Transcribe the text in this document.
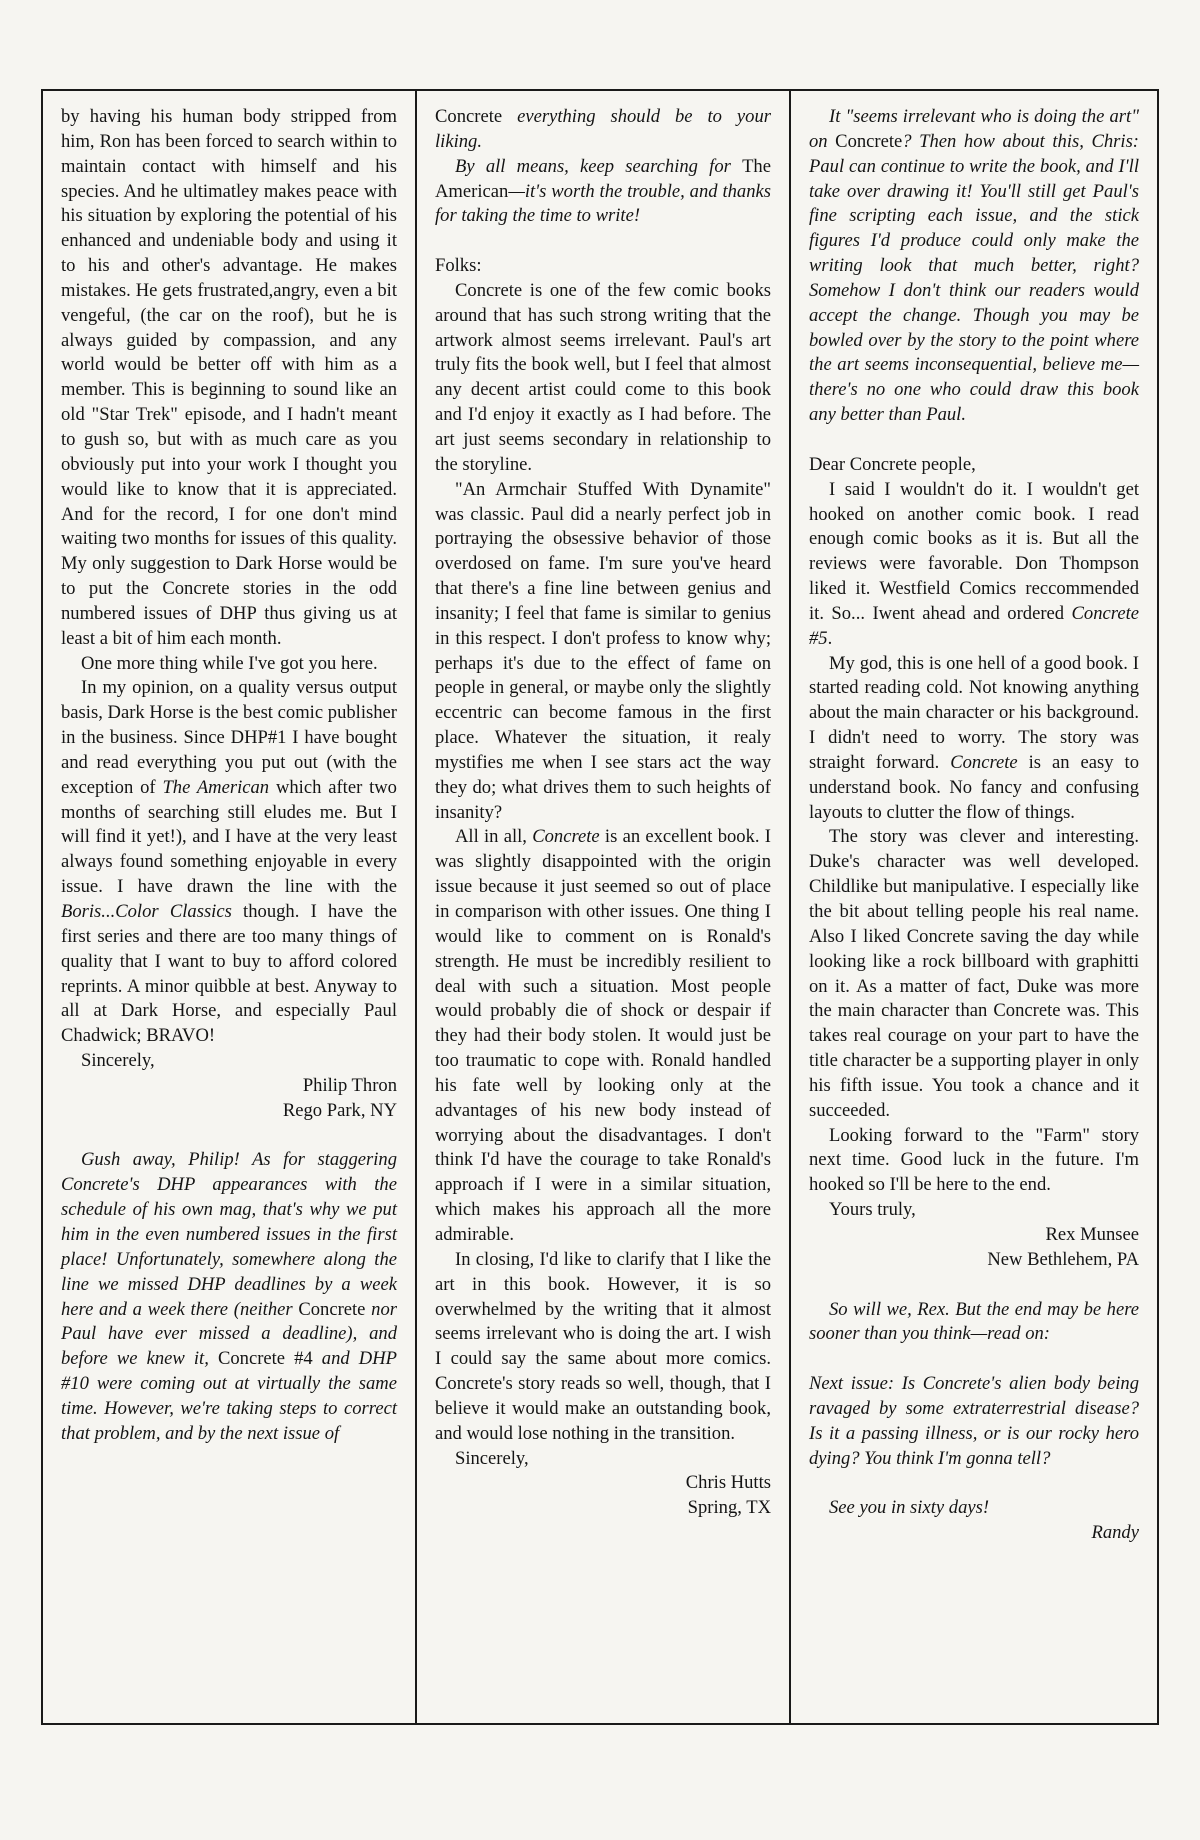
by having his human body stripped from him, Ron has been forced to search within to maintain contact with himself and his species. And he ultimatley makes peace with his situation by exploring the potential of his enhanced and undeniable body and using it to his and other's advantage. He makes mistakes. He gets frustrated,angry, even a bit vengeful, (the car on the roof), but he is always guided by compassion, and any world would be better off with him as a member. This is beginning to sound like an old "Star Trek" episode, and I hadn't meant to gush so, but with as much care as you obviously put into your work I thought you would like to know that it is appreciated. And for the record, I for one don't mind waiting two months for issues of this quality. My only suggestion to Dark Horse would be to put the Concrete stories in the odd numbered issues of DHP thus giving us at least a bit of him each month.

One more thing while I've got you here.

In my opinion, on a quality versus output basis, Dark Horse is the best comic publisher in the business. Since DHP#1 I have bought and read everything you put out (with the exception of The American which after two months of searching still eludes me. But I will find it yet!), and I have at the very least always found something enjoyable in every issue. I have drawn the line with the Boris...Color Classics though. I have the first series and there are too many things of quality that I want to buy to afford colored reprints. A minor quibble at best. Anyway to all at Dark Horse, and especially Paul Chadwick; BRAVO!

Sincerely,

Philip Thron

Rego Park, NY

Gush away, Philip! As for staggering Concrete's DHP appearances with the schedule of his own mag, that's why we put him in the even numbered issues in the first place! Unfortunately, somewhere along the line we missed DHP deadlines by a week here and a week there (neither Concrete nor Paul have ever missed a deadline), and before we knew it, Concrete #4 and DHP #10 were coming out at virtually the same time. However, we're taking steps to correct that problem, and by the next issue of

Concrete everything should be to your liking.

By all means, keep searching for The American—it's worth the trouble, and thanks for taking the time to write!

Folks:

Concrete is one of the few comic books around that has such strong writing that the artwork almost seems irrelevant. Paul's art truly fits the book well, but I feel that almost any decent artist could come to this book and I'd enjoy it exactly as I had before. The art just seems secondary in relationship to the storyline.

"An Armchair Stuffed With Dynamite" was classic. Paul did a nearly perfect job in portraying the obsessive behavior of those overdosed on fame. I'm sure you've heard that there's a fine line between genius and insanity; I feel that fame is similar to genius in this respect. I don't profess to know why; perhaps it's due to the effect of fame on people in general, or maybe only the slightly eccentric can become famous in the first place. Whatever the situation, it realy mystifies me when I see stars act the way they do; what drives them to such heights of insanity?

All in all, Concrete is an excellent book. I was slightly disappointed with the origin issue because it just seemed so out of place in comparison with other issues. One thing I would like to comment on is Ronald's strength. He must be incredibly resilient to deal with such a situation. Most people would probably die of shock or despair if they had their body stolen. It would just be too traumatic to cope with. Ronald handled his fate well by looking only at the advantages of his new body instead of worrying about the disadvantages. I don't think I'd have the courage to take Ronald's approach if I were in a similar situation, which makes his approach all the more admirable.

In closing, I'd like to clarify that I like the art in this book. However, it is so overwhelmed by the writing that it almost seems irrelevant who is doing the art. I wish I could say the same about more comics. Concrete's story reads so well, though, that I believe it would make an outstanding book, and would lose nothing in the transition.

Sincerely,

Chris Hutts

Spring, TX

It "seems irrelevant who is doing the art" on Concrete? Then how about this, Chris: Paul can continue to write the book, and I'll take over drawing it! You'll still get Paul's fine scripting each issue, and the stick figures I'd produce could only make the writing look that much better, right? Somehow I don't think our readers would accept the change. Though you may be bowled over by the story to the point where the art seems inconsequential, believe me—there's no one who could draw this book any better than Paul.

Dear Concrete people,

I said I wouldn't do it. I wouldn't get hooked on another comic book. I read enough comic books as it is. But all the reviews were favorable. Don Thompson liked it. Westfield Comics reccommended it. So... Iwent ahead and ordered Concrete #5.

My god, this is one hell of a good book. I started reading cold. Not knowing anything about the main character or his background. I didn't need to worry. The story was straight forward. Concrete is an easy to understand book. No fancy and confusing layouts to clutter the flow of things.

The story was clever and interesting. Duke's character was well developed. Childlike but manipulative. I especially like the bit about telling people his real name. Also I liked Concrete saving the day while looking like a rock billboard with graphitti on it. As a matter of fact, Duke was more the main character than Concrete was. This takes real courage on your part to have the title character be a supporting player in only his fifth issue. You took a chance and it succeeded.

Looking forward to the "Farm" story next time. Good luck in the future. I'm hooked so I'll be here to the end.

Yours truly,

Rex Munsee

New Bethlehem, PA

So will we, Rex. But the end may be here sooner than you think—read on:

Next issue: Is Concrete's alien body being ravaged by some extraterrestrial disease? Is it a passing illness, or is our rocky hero dying? You think I'm gonna tell?

See you in sixty days!

Randy
